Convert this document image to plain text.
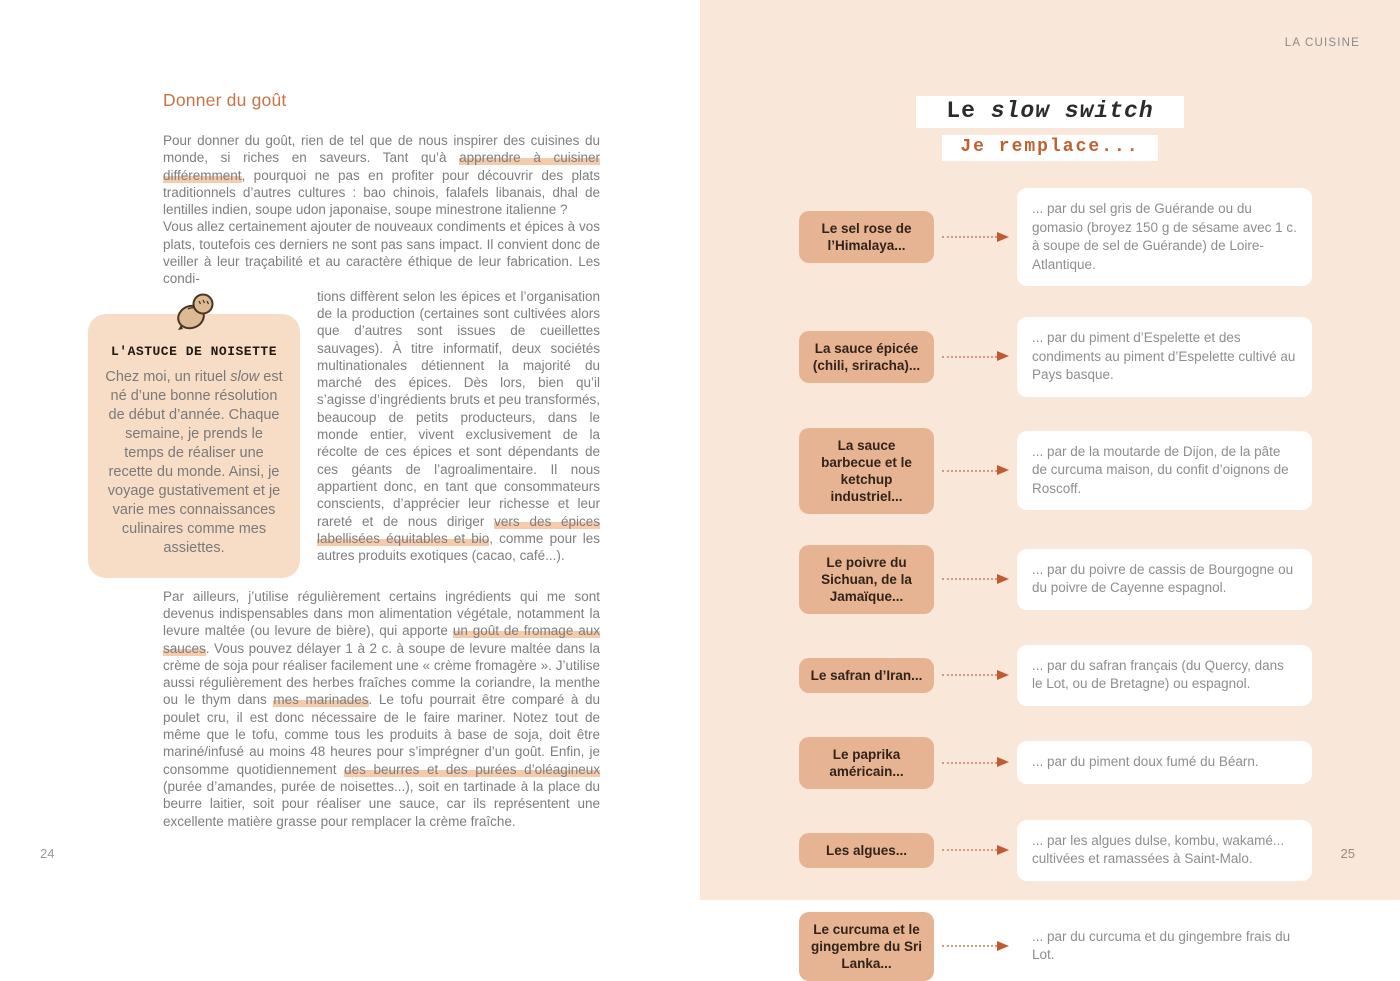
Donner du goût

Pour donner du goût, rien de tel que de nous inspirer des cuisines du monde, si riches en saveurs. Tant qu’à apprendre à cuisiner différemment, pourquoi ne pas en profiter pour découvrir des plats traditionnels d’autres cultures : bao chinois, falafels libanais, dhal de lentilles indien, soupe udon japonaise, soupe minestrone italienne ?

Vous allez certainement ajouter de nouveaux condiments et épices à vos plats, toutefois ces derniers ne sont pas sans impact. Il convient donc de veiller à leur traçabilité et au caractère éthique de leur fabrication. Les condi-

L'ASTUCE DE NOISETTE
Chez moi, un rituel slow est né d’une bonne résolution de début d’année. Chaque semaine, je prends le temps de réaliser une recette du monde. Ainsi, je voyage gustativement et je varie mes connaissances culinaires comme mes assiettes.

tions diffèrent selon les épices et l’organisation de la production (certaines sont cultivées alors que d’autres sont issues de cueillettes sauvages). À titre informatif, deux sociétés multinationales détiennent la majorité du marché des épices. Dès lors, bien qu’il s’agisse d’ingrédients bruts et peu transformés, beaucoup de petits producteurs, dans le monde entier, vivent exclusivement de la récolte de ces épices et sont dépendants de ces géants de l’agroalimentaire. Il nous appartient donc, en tant que consommateurs conscients, d’apprécier leur richesse et leur rareté et de nous diriger vers des épices labellisées équitables et bio, comme pour les autres produits exotiques (cacao, café...).

Par ailleurs, j’utilise régulièrement certains ingrédients qui me sont devenus indispensables dans mon alimentation végétale, notamment la levure maltée (ou levure de bière), qui apporte un goût de fromage aux sauces. Vous pouvez délayer 1 à 2 c. à soupe de levure maltée dans la crème de soja pour réaliser facilement une « crème fromagère ». J’utilise aussi régulièrement des herbes fraîches comme la coriandre, la menthe ou le thym dans mes marinades. Le tofu pourrait être comparé à du poulet cru, il est donc nécessaire de le faire mariner. Notez tout de même que le tofu, comme tous les produits à base de soja, doit être mariné/infusé au moins 48 heures pour s’imprégner d’un goût. Enfin, je consomme quotidiennement des beurres et des purées d’oléagineux (purée d’amandes, purée de noisettes...), soit en tartinade à la place du beurre laitier, soit pour réaliser une sauce, car ils représentent une excellente matière grasse pour remplacer la crème fraîche.

24
LA CUISINE
Le slow switch
Je remplace...
Le sel rose de l’Himalaya...
... par du sel gris de Guérande ou du gomasio (broyez 150 g de sésame avec 1 c. à soupe de sel de Guérande) de Loire-Atlantique.
La sauce épicée (chili, sriracha)...
... par du piment d’Espelette et des condiments au piment d’Espelette cultivé au Pays basque.
La sauce barbecue et le ketchup industriel...
... par de la moutarde de Dijon, de la pâte de curcuma maison, du confit d’oignons de Roscoff.
Le poivre du Sichuan, de la Jamaïque...
... par du poivre de cassis de Bourgogne ou du poivre de Cayenne espagnol.
Le safran d’Iran...
... par du safran français (du Quercy, dans le Lot, ou de Bretagne) ou espagnol.
Le paprika américain...
... par du piment doux fumé du Béarn.
Les algues...
... par les algues dulse, kombu, wakamé... cultivées et ramassées à Saint-Malo.
Le curcuma et le gingembre du Sri Lanka...
... par du curcuma et du gingembre frais du Lot.
25
